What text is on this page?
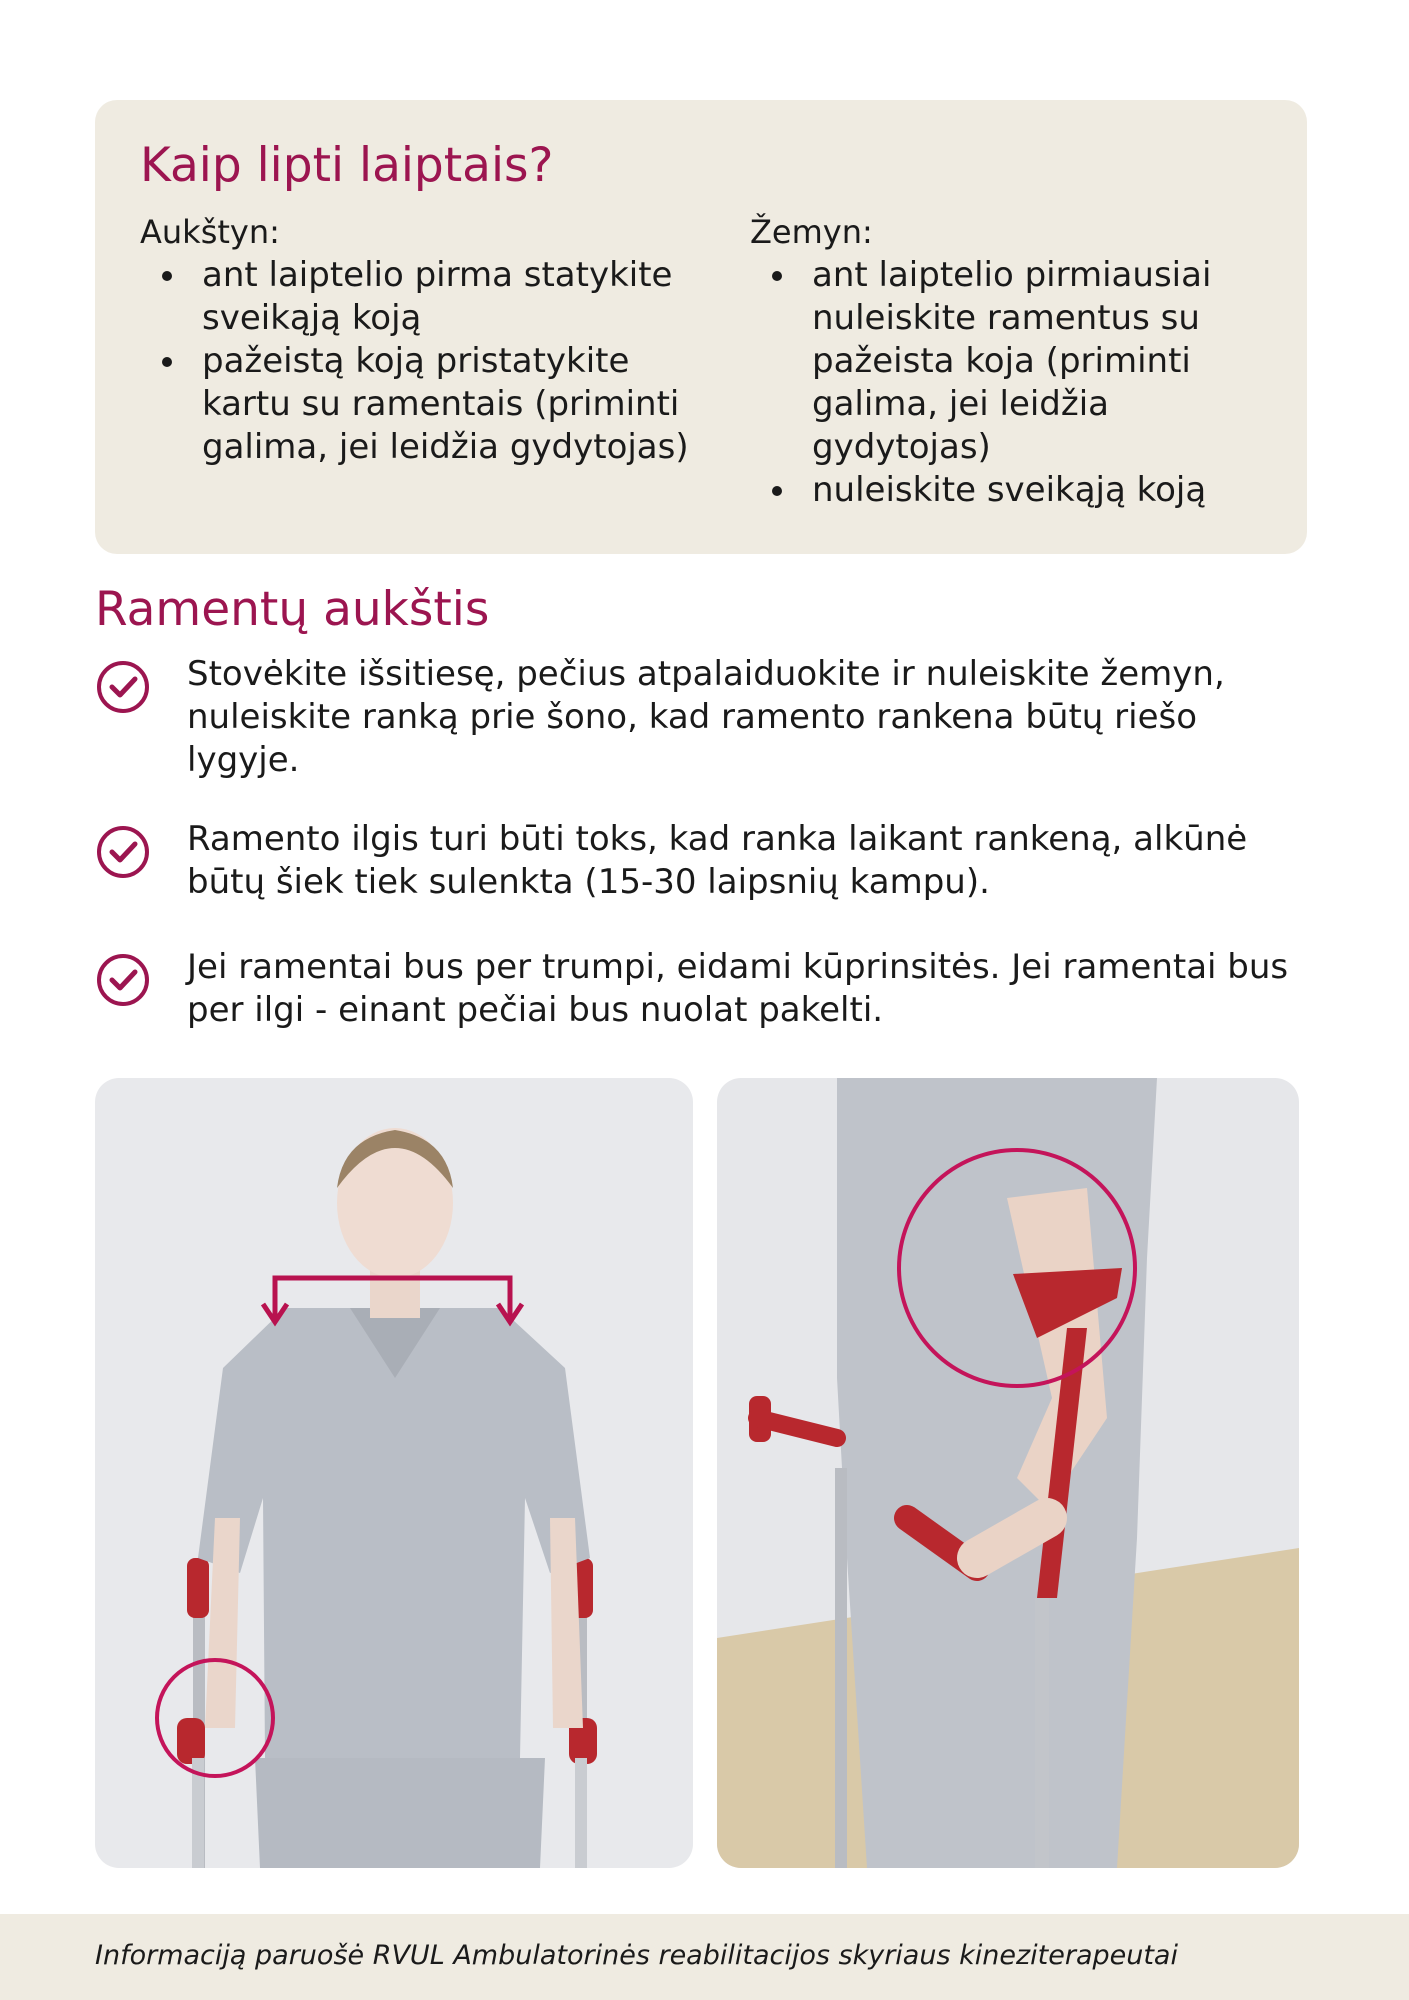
Kaip lipti laiptais?

Aukštyn:

ant laiptelio pirma statykite sveikąją koją
pažeistą koją pristatykite kartu su ramentais (priminti galima, jei leidžia gydytojas)

Žemyn:

ant laiptelio pirmiausiai nuleiskite ramentus su pažeista koja (priminti galima, jei leidžia gydytojas)
nuleiskite sveikąją koją
Ramentų aukštis

Stovėkite išsitiesę, pečius atpalaiduokite ir nuleiskite žemyn, nuleiskite ranką prie šono, kad ramento rankena būtų riešo lygyje.

Ramento ilgis turi būti toks, kad ranka laikant rankeną, alkūnė būtų šiek tiek sulenkta (15-30 laipsnių kampu).

Jei ramentai bus per trumpi, eidami kūprinsitės. Jei ramentai bus per ilgi - einant pečiai bus nuolat pakelti.

Informaciją paruošė RVUL Ambulatorinės reabilitacijos skyriaus kineziterapeutai
